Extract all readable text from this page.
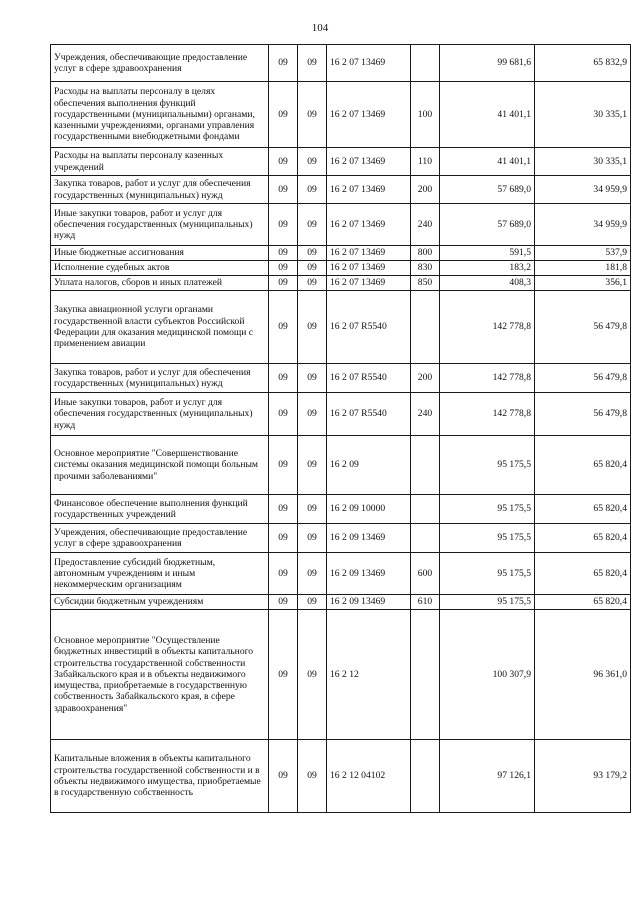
104
Учреждения, обеспечивающие предоставление услуг в сфере здравоохранения	09	09	16 2 07 13469		99 681,6	65 832,9
Расходы на выплаты персоналу в целях обеспечения выполнения функций государственными (муниципальными) органами, казенными учреждениями, органами управления государственными внебюджетными фондами	09	09	16 2 07 13469	100	41 401,1	30 335,1
Расходы на выплаты персоналу казенных учреждений	09	09	16 2 07 13469	110	41 401,1	30 335,1
Закупка товаров, работ и услуг для обеспечения государственных (муниципальных) нужд	09	09	16 2 07 13469	200	57 689,0	34 959,9
Иные закупки товаров, работ и услуг для обеспечения государственных (муниципальных) нужд	09	09	16 2 07 13469	240	57 689,0	34 959,9
Иные бюджетные ассигнования	09	09	16 2 07 13469	800	591,5	537,9
Исполнение судебных актов	09	09	16 2 07 13469	830	183,2	181,8
Уплата налогов, сборов и иных платежей	09	09	16 2 07 13469	850	408,3	356,1
Закупка авиационной услуги органами государственной власти субъектов Российской Федерации для оказания медицинской помощи с применением авиации	09	09	16 2 07 R5540		142 778,8	56 479,8
Закупка товаров, работ и услуг для обеспечения государственных (муниципальных) нужд	09	09	16 2 07 R5540	200	142 778,8	56 479,8
Иные закупки товаров, работ и услуг для обеспечения государственных (муниципальных) нужд	09	09	16 2 07 R5540	240	142 778,8	56 479,8
Основное мероприятие "Совершенствование системы оказания медицинской помощи больным прочими заболеваниями"	09	09	16 2 09		95 175,5	65 820,4
Финансовое обеспечение выполнения функций государственных учреждений	09	09	16 2 09 10000		95 175,5	65 820,4
Учреждения, обеспечивающие предоставление услуг в сфере здравоохранения	09	09	16 2 09 13469		95 175,5	65 820,4
Предоставление субсидий бюджетным, автономным учреждениям и иным некоммерческим организациям	09	09	16 2 09 13469	600	95 175,5	65 820,4
Субсидии бюджетным учреждениям	09	09	16 2 09 13469	610	95 175,5	65 820,4
Основное мероприятие "Осуществление бюджетных инвестиций в объекты капитального строительства государственной собственности Забайкальского края и в объекты недвижимого имущества, приобретаемые в государственную собственность Забайкальского края, в сфере здравоохранения"	09	09	16 2 12		100 307,9	96 361,0
Капитальные вложения в объекты капитального строительства государственной собственности и в объекты недвижимого имущества, приобретаемые в государственную собственность	09	09	16 2 12 04102		97 126,1	93 179,2
